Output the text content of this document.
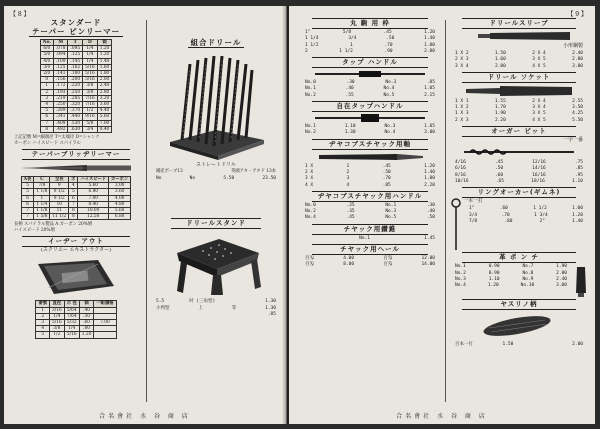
【 8 】
スタンダード
テーパー ピンリーマー
No.	M	T	D	価
6/0	.078	.095	1/4	1.20
5/0	.094	.125	1/4	1.20
4/0	.109	.145	1/4	1.40
3/0	.125	.162	5/16	1.60
2/0	.141	.180	5/16	1.80
0	.156	.200	5/16	2.00
1	.172	.220	3/8	2.40
2	.193	.250	3/8	2.80
3	.219	.285	7/16	3.20
4	.250	.320	7/16	3.60
5	.289	.370	1/2	4.40
6	.341	.440	9/16	5.60
7	.409	.530	5/8	7.00
8	.492	.630	3/4	8.40
上記記號 M=細端径 T=太端径 D=シャンク
カーボン ハイスピード スパイラル
テーパーブリッヂリーマー
A長	C	全長	ボ	ハイスピード	カーボン
5	7/8	9	4	5.60	3.00
5	1 1/8	9 1/2	5	6.80	3.60
6	1	9 1/2	6	7.00	4.00
6	1 1/4	10	7	8.40	4.80
7	1 1/8	11	8	10.00	5.60
7	1 5/8	11 1/2	8	12.50	6.80
長柄 スパイラル製品 A カーボン 20%増
ハイスピード 20%増
イーヂー アウト
(スクリユー エキストラクター)
番號	直徑	ボ 徑	価	一組價格
1	3/16	5/64	.40	
2	1/4	7/64	.50	
3	5/16	5/32	.60	7.00
4	3/8	1/4	.80	
5	1/2	5/16	1.20	
組合ドリール
ストレートドリル
國産ボーブ13	英國アタ・アタド 13本
No	No	5.50	23.50
ドリールスタンド
5.5	吋 (三角型)	1.30
小判型	上	等	1.30
.85
合名會社 水 谷 商 店
【 9 】
丸 駒 用 枠
1"	5/8	.45	1.20
1 1/4	3/4	.50	1.40
1 1/2	1	.70	1.80
2	1 1/2	.90	2.80
タップ ハンドル
No.0	.30	No.3	.85
No.1	.40	No.4	1.05
No.2	.55	No.5	2.15
自在タップハンドル
No.1	1.10	No.3	1.65
No.2	1.30	No.4	3.00
ヂヤコブスチヤック用軸
1 X	1	.45	1.20
2 X	2	.50	1.40
3 X	3	.70	1.80
4 X	4	.85	2.20
ヂヤコブスチヤック用ハンドル
No.0	.25	No.1	.30
No.2	.35	No.3	.40
No.4	.45	No.5	.50
チヤック用鑚錐
No.1	1.45
チヤック用ヘール
百匁	4.00	百匁	12.00
百匁	8.00	百匁	14.00
ドリールスリーブ
小形鋼製
1 X 2	1.50	2 X 4	2.40
2 X 3	1.60	3 X 5	2.80
3 X 4	2.00	4 X 5	3.00
ドリール ソケット
1 X 1	1.55	2 X 4	2.55
1 X 2	1.70	3 X 4	3.50
1 X 3	1.90	3 X 5	4.25
2 X 3	2.20	4 X 5	5.50
オーガー ビット
一字一番
4/16	.45	12/16	.75
6/16	.50	14/16	.85
8/16	.60	16/16	.95
10/16	.65	18/16	1.10
リングオーカー(ギムネ)
一本一打
1"	.60	1 1/2	1.00
3/4	.70	1 3/4	1.20
7/8	.80	2"	1.40
革 ポ ン チ
No.1	0.90	No.7	1.90
No.2	0.90	No.8	2.00
No.3	1.10	No.9	2.40
No.4	1.20	No.10	3.00
ヤスリノ柄
百本一打	1.50	2.00
合名會社 水 谷 商 店
